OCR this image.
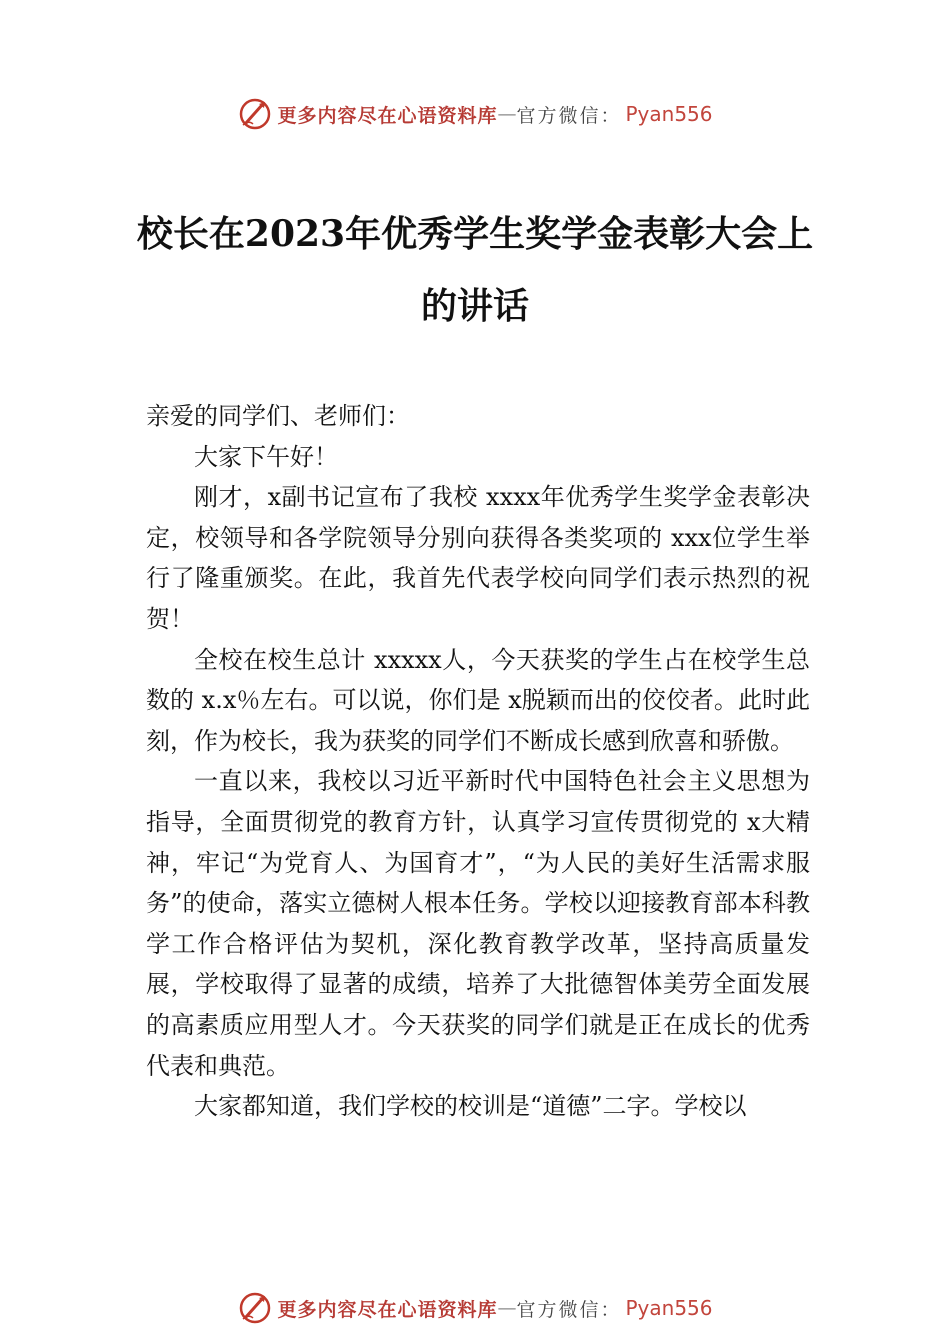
更多内容尽在心语资料库 — 官方微信： Pyan556
校长在2023年优秀学生奖学金表彰大会上的讲话

亲爱的同学们、老师们：

大家下午好！

刚才，x副书记宣布了我校 xxxx年优秀学生奖学金表彰决定，校领导和各学院领导分别向获得各类奖项的 xxx位学生举行了隆重颁奖。在此，我首先代表学校向同学们表示热烈的祝贺！

全校在校生总计 xxxxx人，今天获奖的学生占在校学生总数的 x.x％左右。可以说，你们是 x脱颖而出的佼佼者。此时此刻，作为校长，我为获奖的同学们不断成长感到欣喜和骄傲。

一直以来，我校以习近平新时代中国特色社会主义思想为指导，全面贯彻党的教育方针，认真学习宣传贯彻党的 x大精神，牢记“为党育人、为国育才”，“为人民的美好生活需求服务”的使命，落实立德树人根本任务。学校以迎接教育部本科教学工作合格评估为契机，深化教育教学改革，坚持高质量发展，学校取得了显著的成绩，培养了大批德智体美劳全面发展的高素质应用型人才。今天获奖的同学们就是正在成长的优秀代表和典范。

大家都知道，我们学校的校训是“道德”二字。学校以

更多内容尽在心语资料库 — 官方微信： Pyan556
